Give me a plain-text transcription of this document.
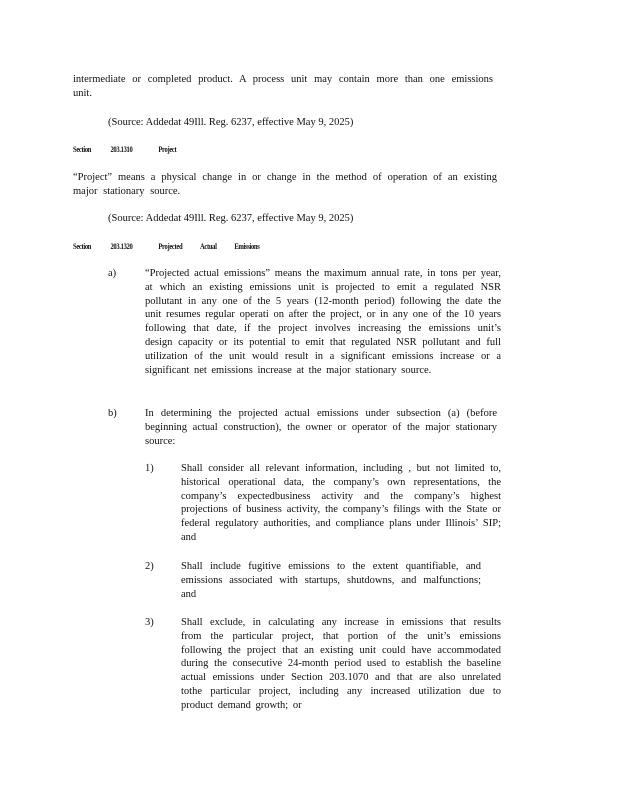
intermediate or completed product. A process unit may contain more than one emissions unit.

(Source: Addedat 49Ill. Reg. 6237, effective May 9, 2025)

Section 203.1310	Project

“Project” means a physical change in or change in the method of operation of an existing major stationary source.

(Source: Addedat 49Ill. Reg. 6237, effective May 9, 2025)

Section 203.1320	Projected Actual Emissions

a)	“Projected actual emissions” means the maximum annual rate, in tons per year, at which an existing emissions unit is projected to emit a regulated NSR pollutant in any one of the 5 years (12-month period) following the date the unit resumes regular operati on after the project, or in any one of the 10 years following that date, if the project involves increasing the emissions unit’s design capacity or its potential to emit that regulated NSR pollutant and full utilization of the unit would result in a significant emissions increase or a significant net emissions increase at the major stationary source.

b)	In determining the projected actual emissions under subsection (a) (before beginning actual construction), the owner or operator of the major stationary source:

1)	Shall consider all relevant information, including , but not limited to, historical operational data, the company’s own representations, the company’s expectedbusiness activity and the company’s highest projections of business activity, the company’s filings with the State or federal regulatory authorities, and compliance plans under Illinois’ SIP; and

2)	Shall include fugitive emissions to the extent quantifiable, and emissions associated with startups, shutdowns, and malfunctions; and

3)	Shall exclude, in calculating any increase in emissions that results from the particular project, that portion of the unit’s emissions following the project that an existing unit could have accommodated during the consecutive 24-month period used to establish the baseline actual emissions under Section 203.1070 and that are also unrelated tothe particular project, including any increased utilization due to product demand growth; or
